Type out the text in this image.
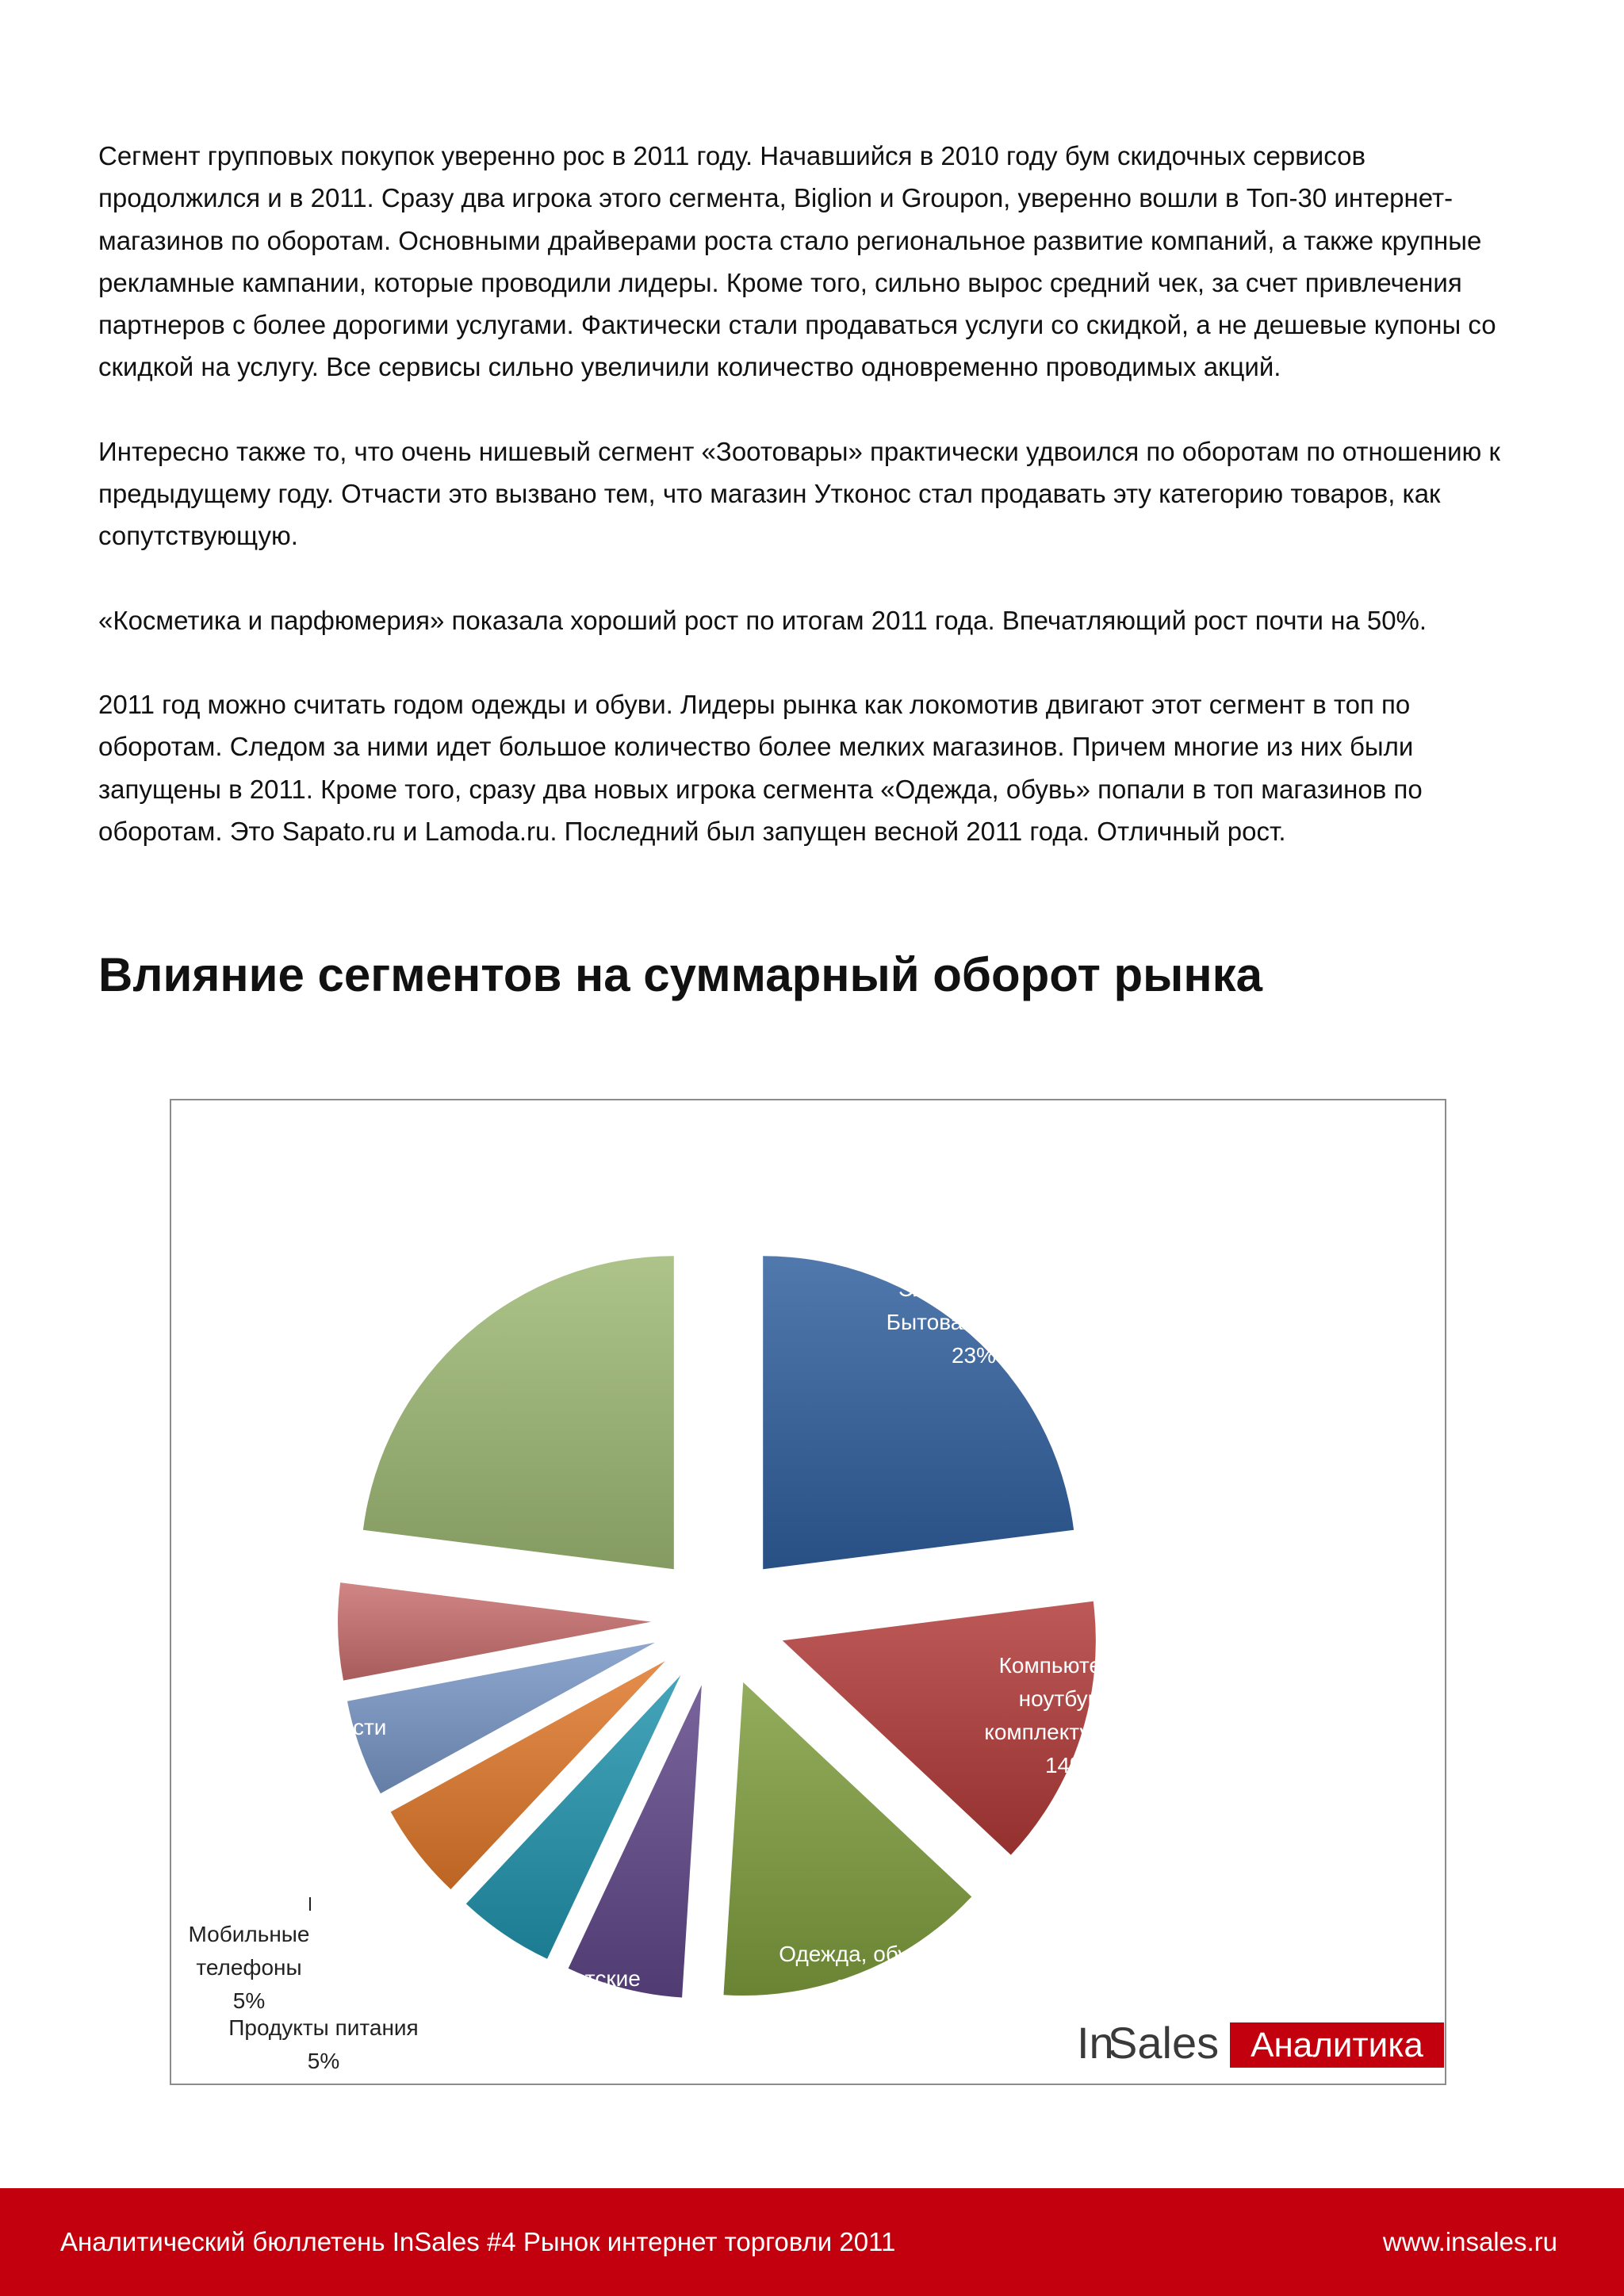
Сегмент групповых покупок уверенно рос в 2011 году. Начавшийся в 2010 году бум скидочных сервисов продолжился и в 2011. Сразу два игрока этого сегмента, Biglion и Groupon, уверенно вошли в Топ-30 интернет-магазинов по оборотам. Основными драйверами роста стало региональное развитие компаний, а также крупные рекламные кампании, которые проводили лидеры. Кроме того, сильно вырос средний чек, за счет привлечения партнеров с более дорогими услугами. Фактически стали продаваться услуги со скидкой, а не дешевые купоны со скидкой на услугу. Все сервисы сильно увеличили количество одновременно проводимых акций.

Интересно также то, что очень нишевый сегмент «Зоотовары» практически удвоился по оборотам по отношению к предыдущему году. Отчасти это вызвано тем, что магазин Утконос стал продавать эту категорию товаров, как сопутствующую.

«Косметика и парфюмерия» показала хороший рост по итогам 2011 года. Впечатляющий рост почти на 50%.

2011 год можно считать годом одежды и обуви. Лидеры рынка как локомотив двигают этот сегмент в топ по оборотам. Следом за ними идет большое количество более мелких магазинов. Причем многие из них были запущены в 2011. Кроме того, сразу два новых игрока сегмента «Одежда, обувь» попали в топ магазинов по оборотам. Это Sapato.ru и Lamoda.ru. Последний был запущен весной 2011 года. Отличный рост.

Влияние сегментов на суммарный оборот рынка
Электроника и Бытовая техника 23%
Компьютеры, ноутбуки, комплектующие 14%
Одежда, обувь 14%
Детские товары 6%
Продукты питания 5%
Мобильные телефоны 5%
Автозапчасти 5%
Мебель 5%
Остальные 23%
In
Sales Аналитика
Аналитический бюллетень InSales #4 Рынок интернет торговли 2011	www.insales.ru
